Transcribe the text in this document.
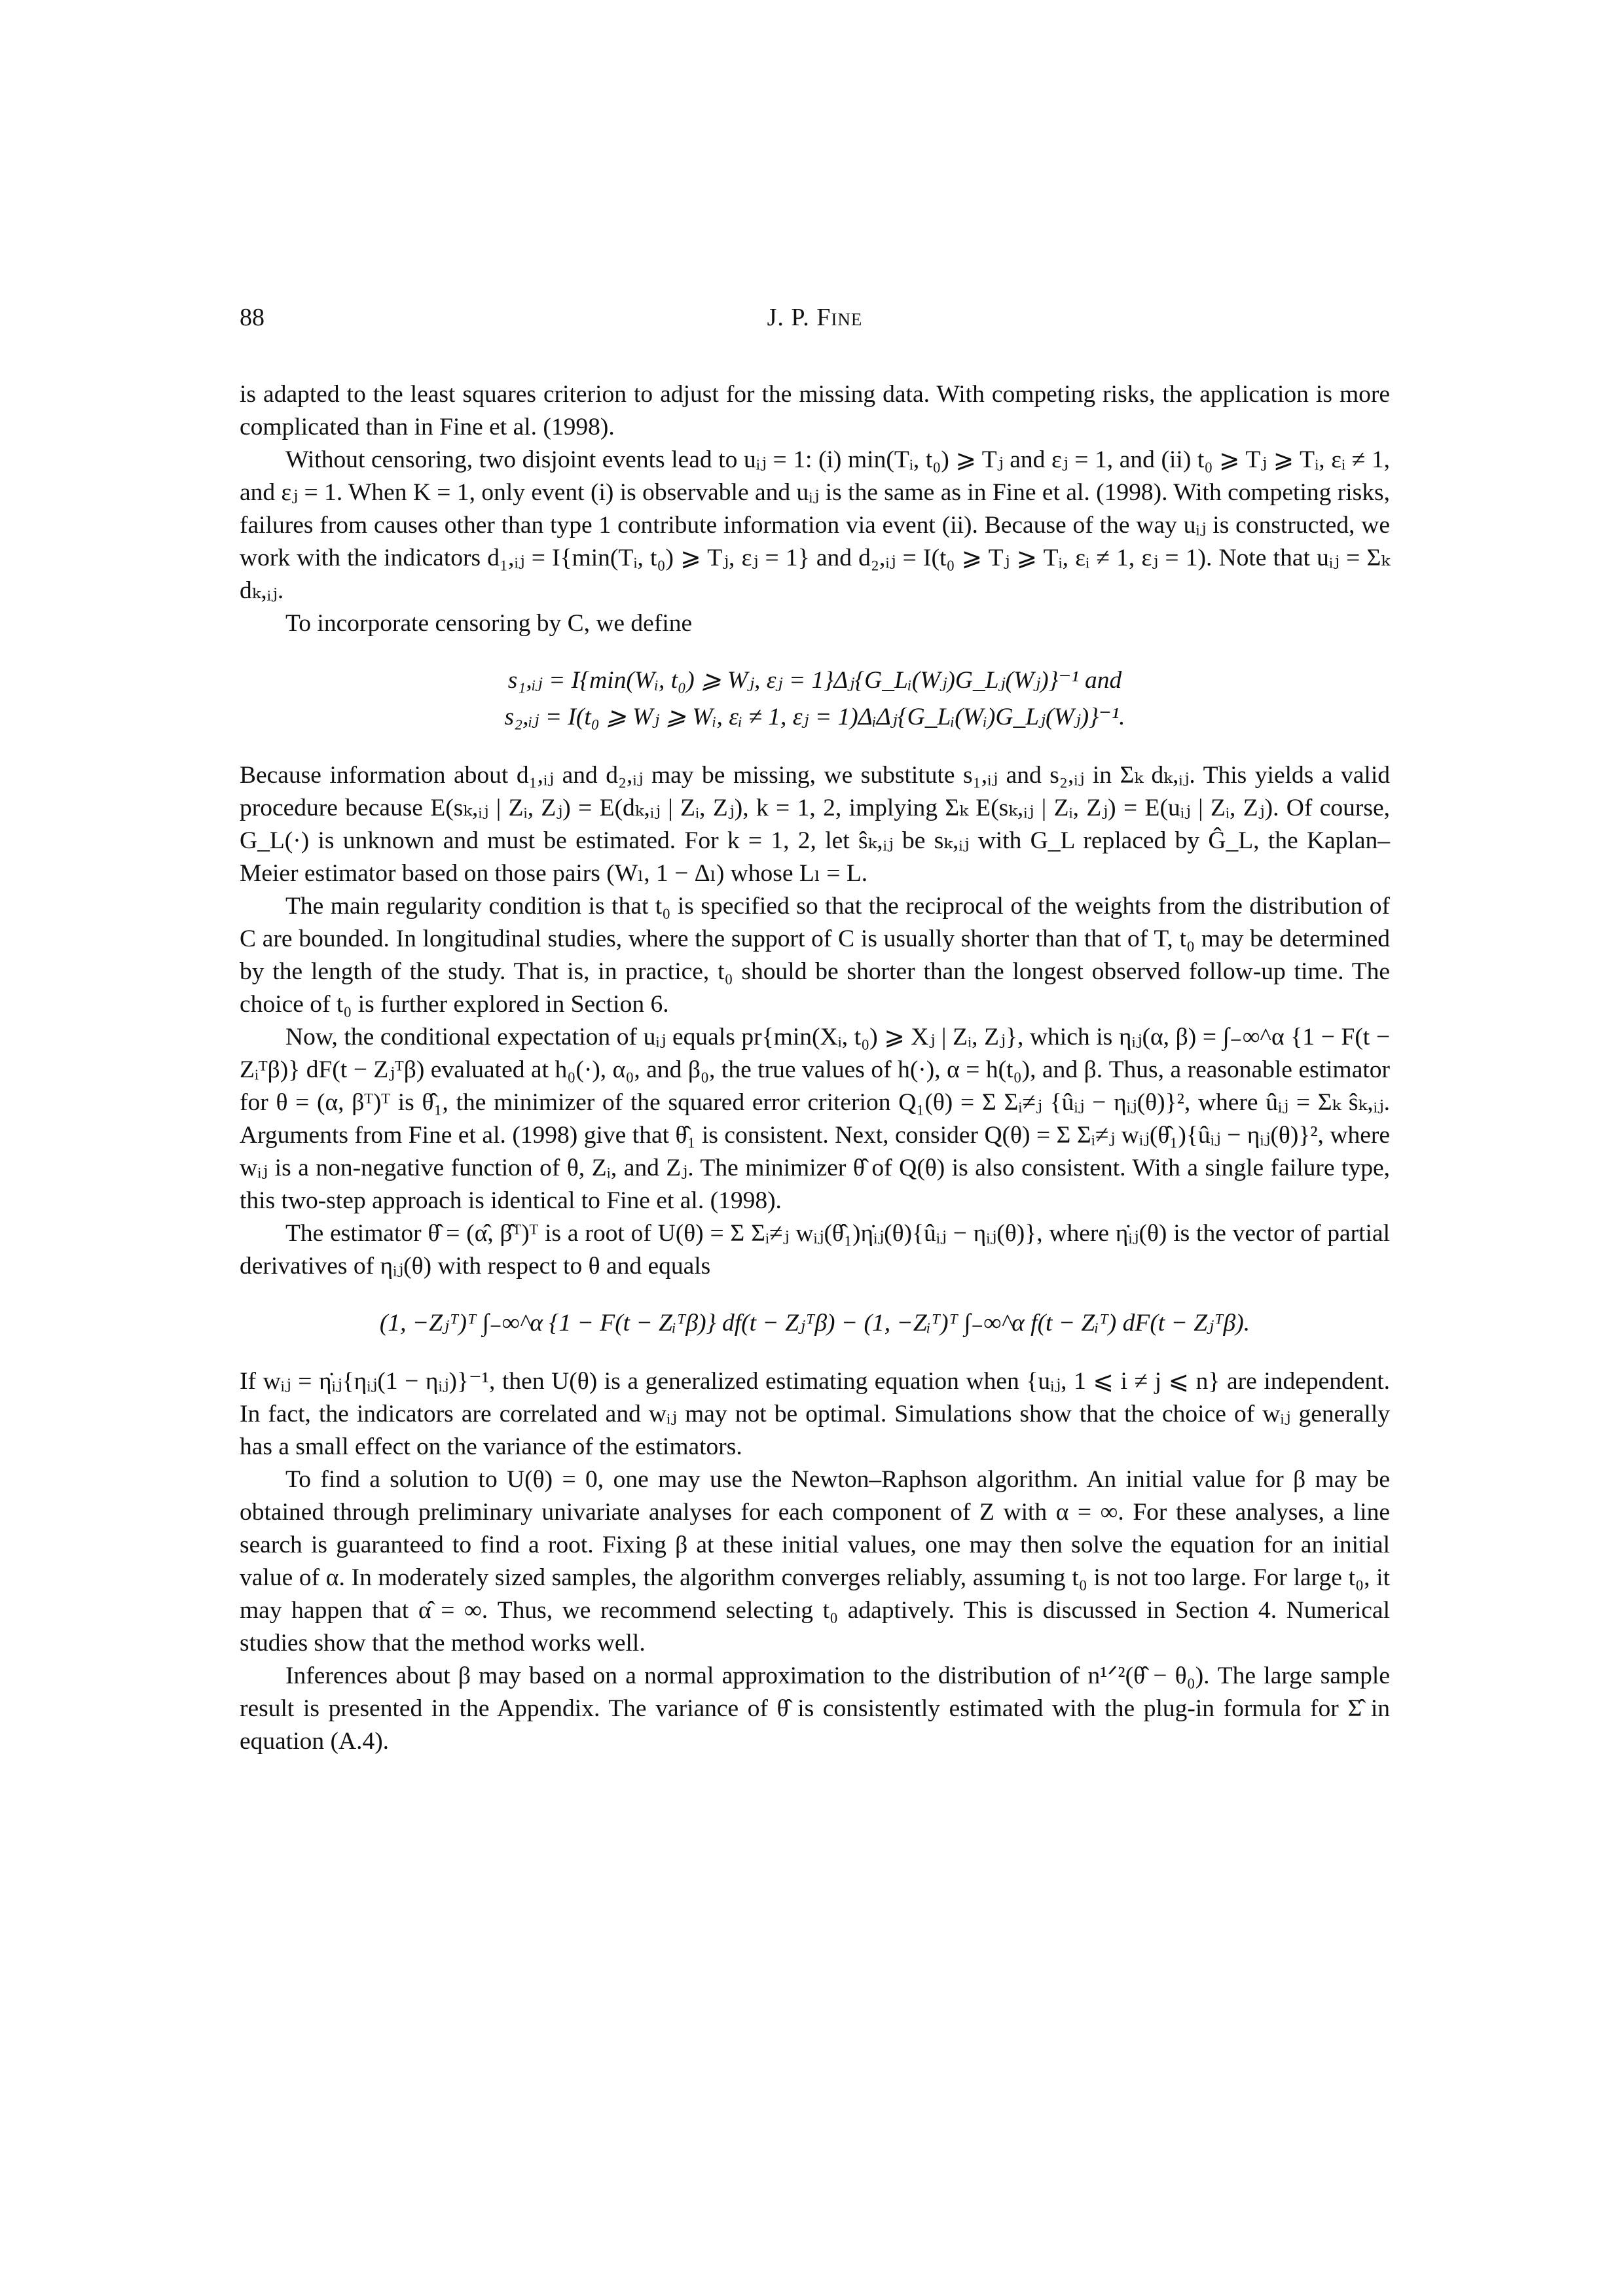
88	J. P. Fine

is adapted to the least squares criterion to adjust for the missing data. With competing risks, the application is more complicated than in Fine et al. (1998).

Without censoring, two disjoint events lead to uᵢⱼ = 1: (i) min(Tᵢ, t₀) ⩾ Tⱼ and εⱼ = 1, and (ii) t₀ ⩾ Tⱼ ⩾ Tᵢ, εᵢ ≠ 1, and εⱼ = 1. When K = 1, only event (i) is observable and uᵢⱼ is the same as in Fine et al. (1998). With competing risks, failures from causes other than type 1 contribute information via event (ii). Because of the way uᵢⱼ is constructed, we work with the indicators d₁,ᵢⱼ = I{min(Tᵢ, t₀) ⩾ Tⱼ, εⱼ = 1} and d₂,ᵢⱼ = I(t₀ ⩾ Tⱼ ⩾ Tᵢ, εᵢ ≠ 1, εⱼ = 1). Note that uᵢⱼ = Σₖ dₖ,ᵢⱼ.

To incorporate censoring by C, we define

s₁,ᵢⱼ = I{min(Wᵢ, t₀) ⩾ Wⱼ, εⱼ = 1}Δⱼ{G_Lᵢ(Wⱼ)G_Lⱼ(Wⱼ)}⁻¹ and
s₂,ᵢⱼ = I(t₀ ⩾ Wⱼ ⩾ Wᵢ, εᵢ ≠ 1, εⱼ = 1)ΔᵢΔⱼ{G_Lᵢ(Wᵢ)G_Lⱼ(Wⱼ)}⁻¹.

Because information about d₁,ᵢⱼ and d₂,ᵢⱼ may be missing, we substitute s₁,ᵢⱼ and s₂,ᵢⱼ in Σₖ dₖ,ᵢⱼ. This yields a valid procedure because E(sₖ,ᵢⱼ | Zᵢ, Zⱼ) = E(dₖ,ᵢⱼ | Zᵢ, Zⱼ), k = 1, 2, implying Σₖ E(sₖ,ᵢⱼ | Zᵢ, Zⱼ) = E(uᵢⱼ | Zᵢ, Zⱼ). Of course, G_L(·) is unknown and must be estimated. For k = 1, 2, let ŝₖ,ᵢⱼ be sₖ,ᵢⱼ with G_L replaced by Ĝ_L, the Kaplan–Meier estimator based on those pairs (Wₗ, 1 − Δₗ) whose Lₗ = L.

The main regularity condition is that t₀ is specified so that the reciprocal of the weights from the distribution of C are bounded. In longitudinal studies, where the support of C is usually shorter than that of T, t₀ may be determined by the length of the study. That is, in practice, t₀ should be shorter than the longest observed follow-up time. The choice of t₀ is further explored in Section 6.

Now, the conditional expectation of uᵢⱼ equals pr{min(Xᵢ, t₀) ⩾ Xⱼ | Zᵢ, Zⱼ}, which is ηᵢⱼ(α, β) = ∫₋∞^α {1 − F(t − Zᵢᵀβ)} dF(t − Zⱼᵀβ) evaluated at h₀(·), α₀, and β₀, the true values of h(·), α = h(t₀), and β. Thus, a reasonable estimator for θ = (α, βᵀ)ᵀ is θ̂₁, the minimizer of the squared error criterion Q₁(θ) = Σ Σᵢ≠ⱼ {ûᵢⱼ − ηᵢⱼ(θ)}², where ûᵢⱼ = Σₖ ŝₖ,ᵢⱼ. Arguments from Fine et al. (1998) give that θ̂₁ is consistent. Next, consider Q(θ) = Σ Σᵢ≠ⱼ wᵢⱼ(θ̂₁){ûᵢⱼ − ηᵢⱼ(θ)}², where wᵢⱼ is a non-negative function of θ, Zᵢ, and Zⱼ. The minimizer θ̂ of Q(θ) is also consistent. With a single failure type, this two-step approach is identical to Fine et al. (1998).

The estimator θ̂ = (α̂, β̂ᵀ)ᵀ is a root of U(θ) = Σ Σᵢ≠ⱼ wᵢⱼ(θ̂₁)η̇ᵢⱼ(θ){ûᵢⱼ − ηᵢⱼ(θ)}, where η̇ᵢⱼ(θ) is the vector of partial derivatives of ηᵢⱼ(θ) with respect to θ and equals

(1, −Zⱼᵀ)ᵀ ∫₋∞^α {1 − F(t − Zᵢᵀβ)} df(t − Zⱼᵀβ) − (1, −Zᵢᵀ)ᵀ ∫₋∞^α f(t − Zᵢᵀ) dF(t − Zⱼᵀβ).

If wᵢⱼ = η̇ᵢⱼ{ηᵢⱼ(1 − ηᵢⱼ)}⁻¹, then U(θ) is a generalized estimating equation when {uᵢⱼ, 1 ⩽ i ≠ j ⩽ n} are independent. In fact, the indicators are correlated and wᵢⱼ may not be optimal. Simulations show that the choice of wᵢⱼ generally has a small effect on the variance of the estimators.

To find a solution to U(θ) = 0, one may use the Newton–Raphson algorithm. An initial value for β may be obtained through preliminary univariate analyses for each component of Z with α = ∞. For these analyses, a line search is guaranteed to find a root. Fixing β at these initial values, one may then solve the equation for an initial value of α. In moderately sized samples, the algorithm converges reliably, assuming t₀ is not too large. For large t₀, it may happen that α̂ = ∞. Thus, we recommend selecting t₀ adaptively. This is discussed in Section 4. Numerical studies show that the method works well.

Inferences about β may based on a normal approximation to the distribution of n¹ᐟ²(θ̂ − θ₀). The large sample result is presented in the Appendix. The variance of θ̂ is consistently estimated with the plug-in formula for Σ̂ in equation (A.4).
